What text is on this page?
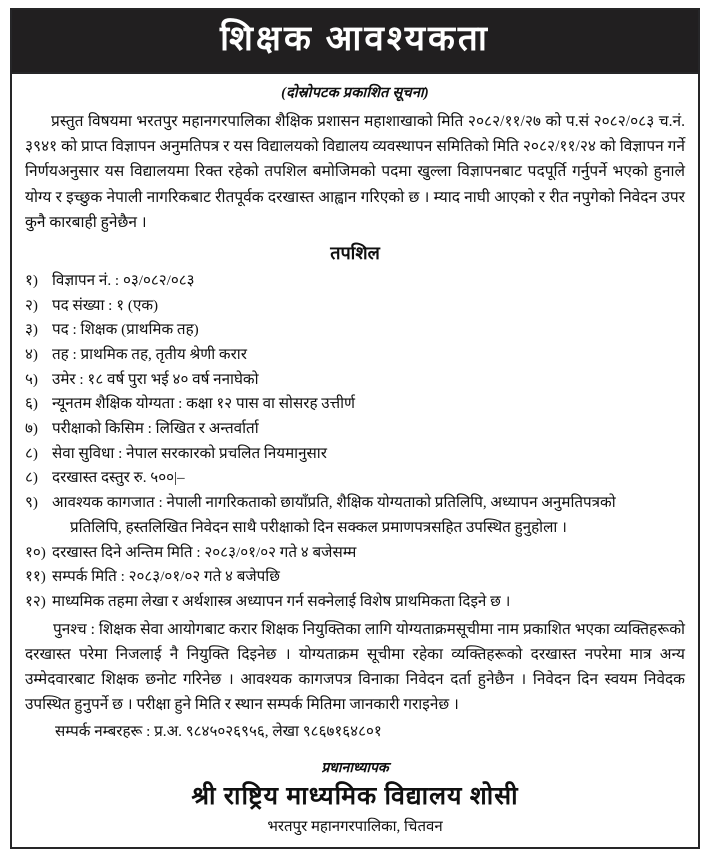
शिक्षक आवश्यकता
(दोस्रोपटक प्रकाशित सूचना)

प्रस्तुत विषयमा भरतपुर महानगरपालिका शैक्षिक प्रशासन महाशाखाको मिति २०८२/११/२७ को प.सं २०८२/०८३ च.नं. ३९४१ को प्राप्त विज्ञापन अनुमतिपत्र र यस विद्यालयको विद्यालय व्यवस्थापन समितिको मिति २०८२/११/२४ को विज्ञापन गर्ने निर्णयअनुसार यस विद्यालयमा रिक्त रहेको तपशिल बमोजिमको पदमा खुल्ला विज्ञापनबाट पदपूर्ति गर्नुपर्ने भएको हुनाले योग्य र इच्छुक नेपाली नागरिकबाट रीतपूर्वक दरखास्त आह्वान गरिएको छ । म्याद नाघी आएको र रीत नपुगेको निवेदन उपर कुनै कारबाही हुनेछैन ।

तपशिल
१) विज्ञापन नं. : ०३/०८२/०८३
२) पद संख्या : १ (एक)
३) पद : शिक्षक (प्राथमिक तह)
४) तह : प्राथमिक तह, तृतीय श्रेणी करार
५) उमेर : १८ वर्ष पुरा भई ४० वर्ष ननाघेको
६) न्यूनतम शैक्षिक योग्यता : कक्षा १२ पास वा सोसरह उत्तीर्ण
७) परीक्षाको किसिम : लिखित र अन्तर्वार्ता
८) सेवा सुविधा : नेपाल सरकारको प्रचलित नियमानुसार
८) दरखास्त दस्तुर रु. ५००|–
९) आवश्यक कागजात : नेपाली नागरिकताको छायाँप्रति, शैक्षिक योग्यताको प्रतिलिपि, अध्यापन अनुमतिपत्रको
प्रतिलिपि, हस्तलिखित निवेदन साथै परीक्षाको दिन सक्कल प्रमाणपत्रसहित उपस्थित हुनुहोला ।
१०) दरखास्त दिने अन्तिम मिति : २०८३/०१/०२ गते ४ बजेसम्म
११) सम्पर्क मिति : २०८३/०१/०२ गते ४ बजेपछि
१२) माध्यमिक तहमा लेखा र अर्थशास्त्र अध्यापन गर्न सक्नेलाई विशेष प्राथमिकता दिइने छ ।

पुनश्च : शिक्षक सेवा आयोगबाट करार शिक्षक नियुक्तिका लागि योग्यताक्रमसूचीमा नाम प्रकाशित भएका व्यक्तिहरूको दरखास्त परेमा निजलाई नै नियुक्ति दिइनेछ । योग्यताक्रम सूचीमा रहेका व्यक्तिहरूको दरखास्त नपरेमा मात्र अन्य उम्मेदवारबाट शिक्षक छनोट गरिनेछ । आवश्यक कागजपत्र विनाका निवेदन दर्ता हुनेछैन । निवेदन दिन स्वयम निवेदक उपस्थित हुनुपर्ने छ । परीक्षा हुने मिति र स्थान सम्पर्क मितिमा जानकारी गराइनेछ ।

सम्पर्क नम्बरहरू : प्र.अ. ९८४५०२६९५६, लेखा ९८६७१६४८०१

प्रधानाध्यापक
श्री राष्ट्रिय माध्यमिक विद्यालय शोसी
भरतपुर महानगरपालिका, चितवन
